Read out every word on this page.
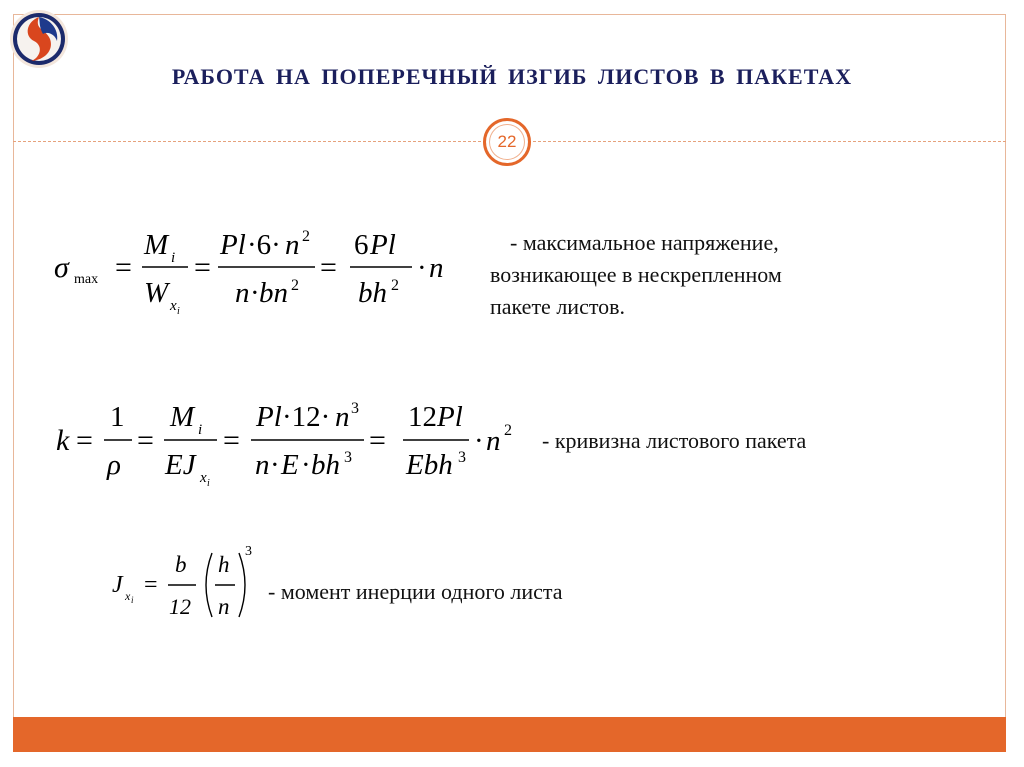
РАБОТА НА ПОПЕРЕЧНЫЙ ИЗГИБ ЛИСТОВ В ПАКЕТАХ
22
σ max =
M i
W x i
=
Pl ·6· n 2
n · bn 2
=
6 Pl
bh 2
· n
- максимальное напряжение,
возникающее в нескрепленном
пакете листов.
k =
1
ρ
=
M i
EJ x i
=
Pl ·12· n 3
n · E · bh 3
=
12 Pl
Ebh 3
· n 2 - кривизна листового пакета
J x i
=
b
12
h
n
3
- момент инерции одного листа
